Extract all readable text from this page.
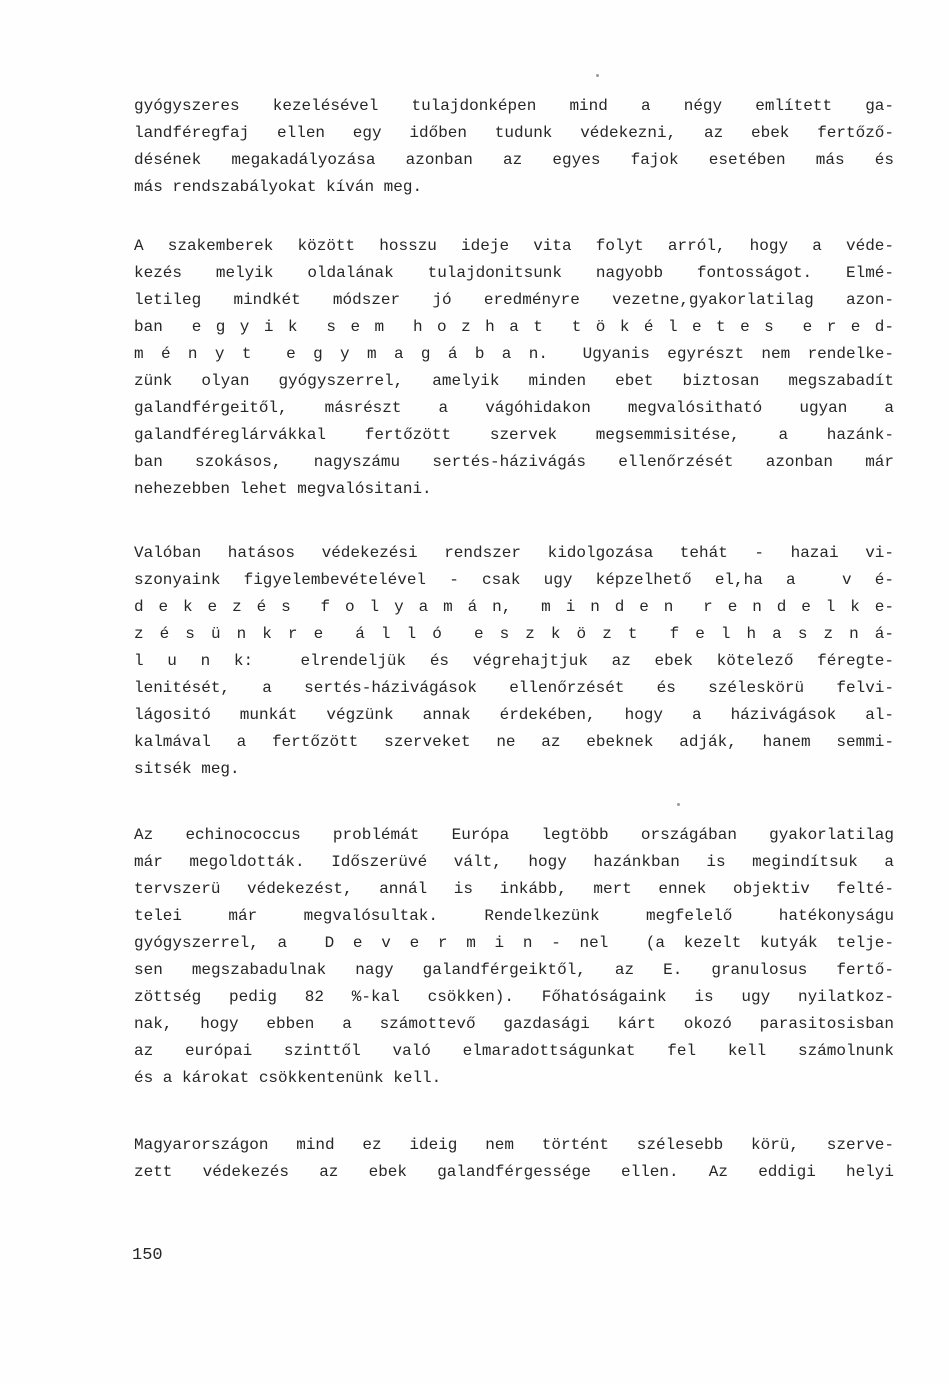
gyógyszeres kezelésével tulajdonképen mind a négy említett ga-
landféregfaj ellen egy időben tudunk védekezni, az ebek fertőző-
désének megakadályozása azonban az egyes fajok esetében más és
más rendszabályokat kíván meg.
A szakemberek között hosszu ideje vita folyt arról, hogy a véde-
kezés melyik oldalának tulajdonitsunk nagyobb fontosságot. Elmé-
letileg mindkét módszer jó eredményre vezetne,gyakorlatilag azon-
ban  e g y i k  s e m  h o z h a t  t ö k é l e t e s  e r e d-
m é n y t  e g y m a g á b a n.  Ugyanis egyrészt nem rendelke-
zünk olyan gyógyszerrel, amelyik minden ebet biztosan megszabadít
galandférgeitől, másrészt a vágóhidakon megvalósitható ugyan a
galandféreglárvákkal fertőzött szervek megsemmisitése, a hazánk-
ban szokásos, nagyszámu sertés-házivágás ellenőrzését azonban már
nehezebben lehet megvalósitani.
Valóban hatásos védekezési rendszer kidolgozása tehát - hazai vi-
szonyaink figyelembevételével - csak ugy képzelhető el,ha a  v é-
d e k e z é s  f o l y a m á n,  m i n d e n  r e n d e l k e-
z é s ü n k r e  á l l ó  e s z k ö z t  f e l h a s z n á-
l u n k:  elrendeljük és végrehajtjuk az ebek kötelező féregte-
lenitését, a sertés-házivágások ellenőrzését és széleskörü felvi-
lágositó munkát végzünk annak érdekében, hogy a házivágások al-
kalmával a fertőzött szerveket ne az ebeknek adják, hanem semmi-
sitsék meg.
Az echinococcus problémát Európa legtöbb országában gyakorlatilag
már megoldották. Időszerüvé vált, hogy hazánkban is megindítsuk a
tervszerü védekezést, annál is inkább, mert ennek objektiv felté-
telei már megvalósultak. Rendelkezünk megfelelő hatékonyságu
gyógyszerrel, a  D e v e r m i n - nel  (a kezelt kutyák telje-
sen megszabadulnak nagy galandférgeiktől, az E. granulosus fertő-
zöttség pedig 82 %-kal csökken). Főhatóságaink is ugy nyilatkoz-
nak, hogy ebben a számottevő gazdasági kárt okozó parasitosisban
az európai szinttől való elmaradottságunkat fel kell számolnunk
és a károkat csökkentenünk kell.
Magyarországon mind ez ideig nem történt szélesebb körü, szerve-
zett védekezés az ebek galandférgessége ellen. Az eddigi helyi
150
